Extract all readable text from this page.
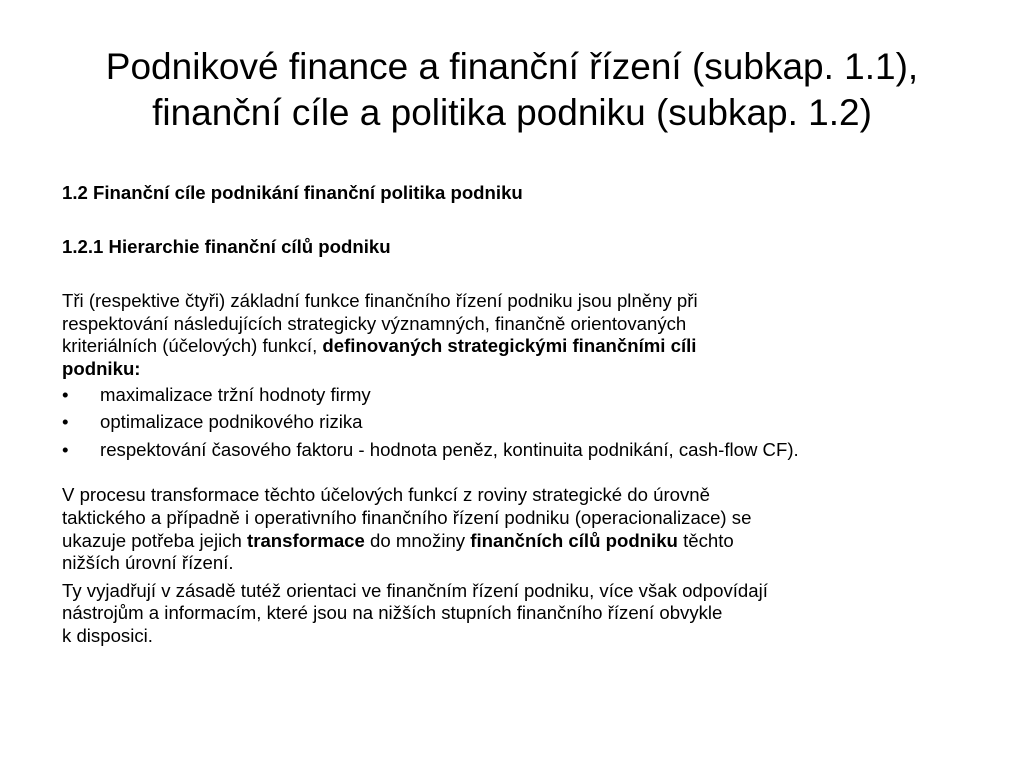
Podnikové finance a finanční řízení (subkap. 1.1),
finanční cíle a politika podniku (subkap. 1.2)

1.2 Finanční cíle podnikání finanční politika podniku

1.2.1 Hierarchie finanční cílů podniku

Tři (respektive čtyři) základní funkce finančního řízení podniku jsou plněny při
respektování následujících strategicky významných, finančně orientovaných
kriteriálních (účelových) funkcí, definovaných strategickými finančními cíli
podniku:

• maximalizace tržní hodnoty firmy
• optimalizace podnikového rizika
• respektování časového faktoru - hodnota peněz, kontinuita podnikání, cash-flow CF).

V procesu transformace těchto účelových funkcí z roviny strategické do úrovně
taktického a případně i operativního finančního řízení podniku (operacionalizace) se
ukazuje potřeba jejich transformace do množiny finančních cílů podniku těchto
nižších úrovní řízení.

Ty vyjadřují v zásadě tutéž orientaci ve finančním řízení podniku, více však odpovídají
nástrojům a informacím, které jsou na nižších stupních finančního řízení obvykle
k disposici.
